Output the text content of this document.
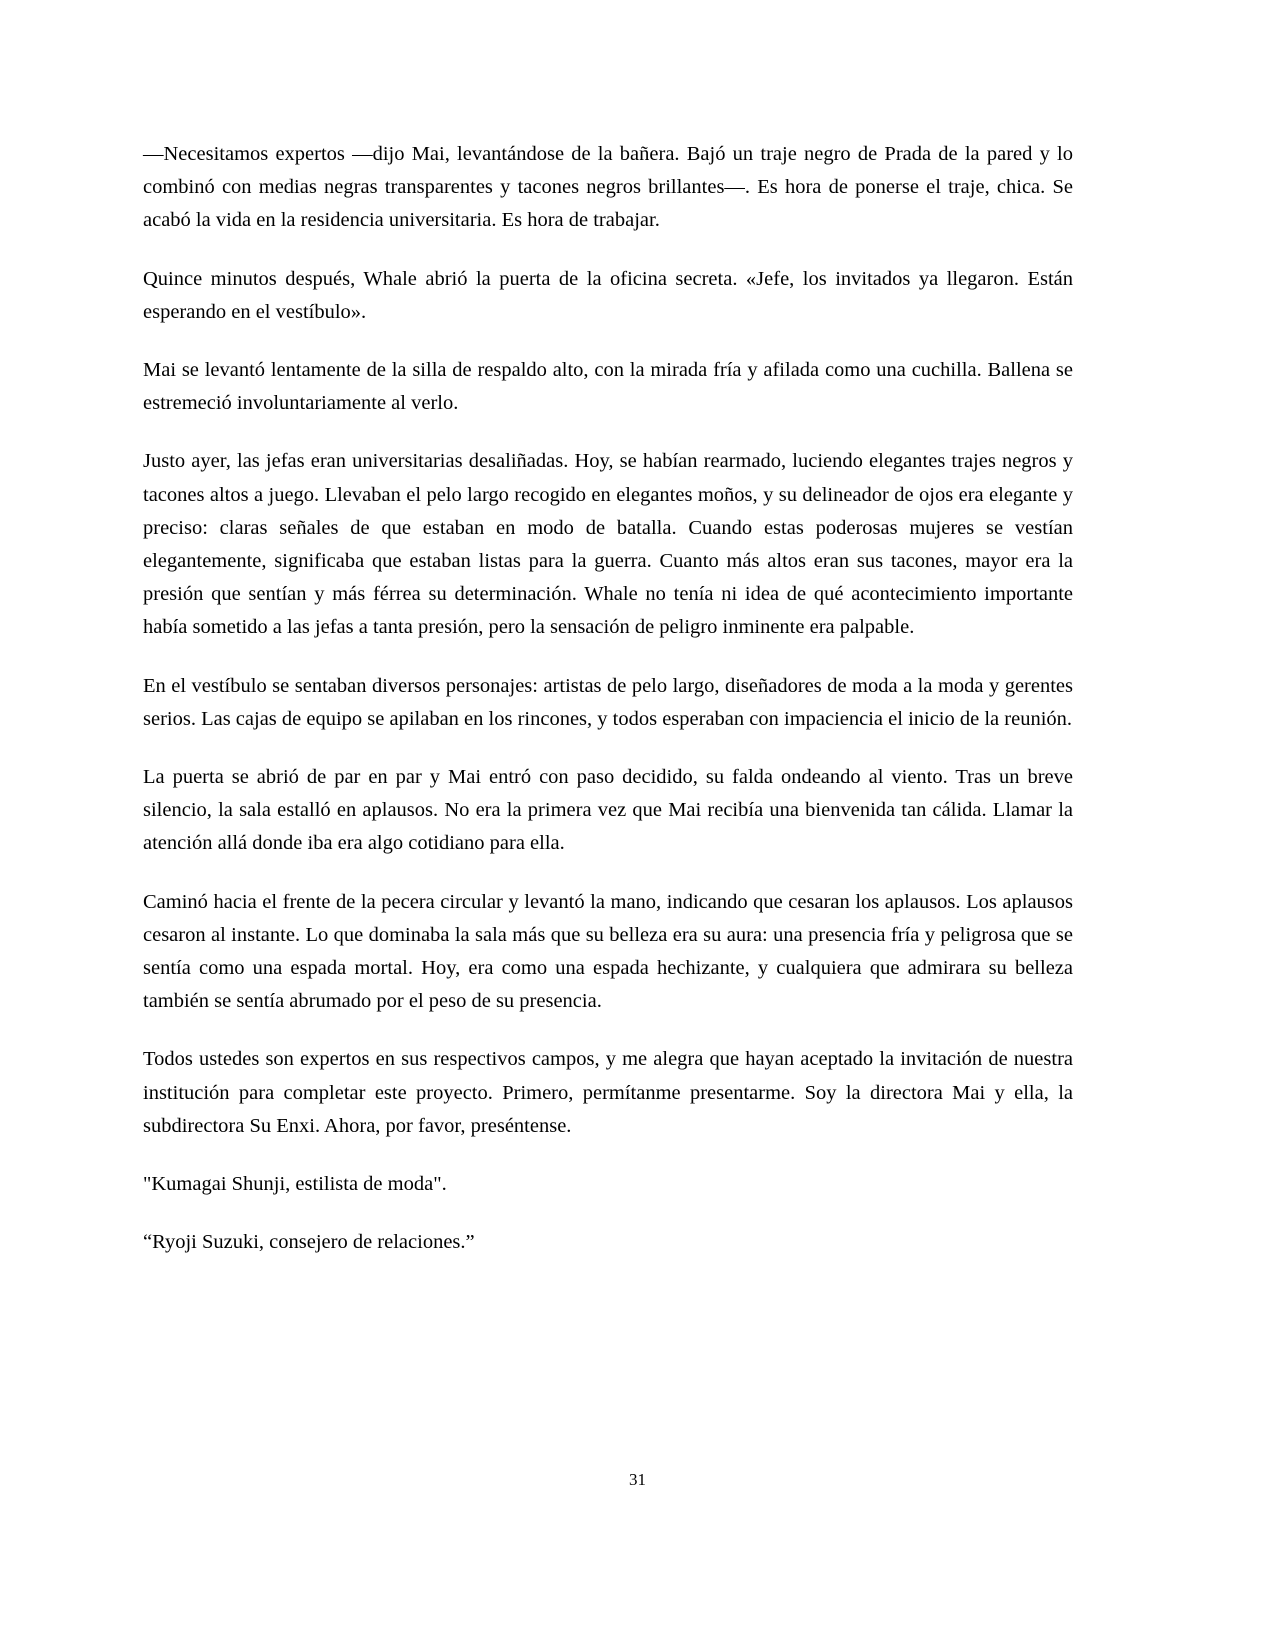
—Necesitamos expertos —dijo Mai, levantándose de la bañera. Bajó un traje negro de Prada de la pared y lo combinó con medias negras transparentes y tacones negros brillantes—. Es hora de ponerse el traje, chica. Se acabó la vida en la residencia universitaria. Es hora de trabajar.

Quince minutos después, Whale abrió la puerta de la oficina secreta. «Jefe, los invitados ya llegaron. Están esperando en el vestíbulo».

Mai se levantó lentamente de la silla de respaldo alto, con la mirada fría y afilada como una cuchilla. Ballena se estremeció involuntariamente al verlo.

Justo ayer, las jefas eran universitarias desaliñadas. Hoy, se habían rearmado, luciendo elegantes trajes negros y tacones altos a juego. Llevaban el pelo largo recogido en elegantes moños, y su delineador de ojos era elegante y preciso: claras señales de que estaban en modo de batalla. Cuando estas poderosas mujeres se vestían elegantemente, significaba que estaban listas para la guerra. Cuanto más altos eran sus tacones, mayor era la presión que sentían y más férrea su determinación. Whale no tenía ni idea de qué acontecimiento importante había sometido a las jefas a tanta presión, pero la sensación de peligro inminente era palpable.

En el vestíbulo se sentaban diversos personajes: artistas de pelo largo, diseñadores de moda a la moda y gerentes serios. Las cajas de equipo se apilaban en los rincones, y todos esperaban con impaciencia el inicio de la reunión.

La puerta se abrió de par en par y Mai entró con paso decidido, su falda ondeando al viento. Tras un breve silencio, la sala estalló en aplausos. No era la primera vez que Mai recibía una bienvenida tan cálida. Llamar la atención allá donde iba era algo cotidiano para ella.

Caminó hacia el frente de la pecera circular y levantó la mano, indicando que cesaran los aplausos. Los aplausos cesaron al instante. Lo que dominaba la sala más que su belleza era su aura: una presencia fría y peligrosa que se sentía como una espada mortal. Hoy, era como una espada hechizante, y cualquiera que admirara su belleza también se sentía abrumado por el peso de su presencia.

Todos ustedes son expertos en sus respectivos campos, y me alegra que hayan aceptado la invitación de nuestra institución para completar este proyecto. Primero, permítanme presentarme. Soy la directora Mai y ella, la subdirectora Su Enxi. Ahora, por favor, preséntense.

"Kumagai Shunji, estilista de moda".

“Ryoji Suzuki, consejero de relaciones.”

31
